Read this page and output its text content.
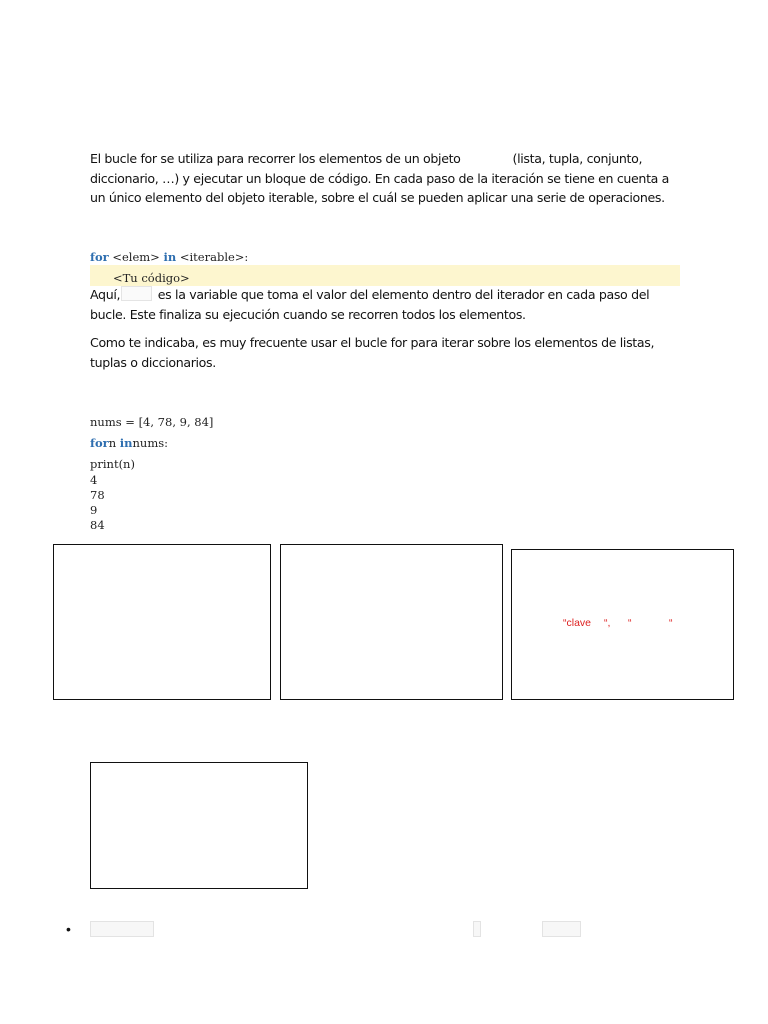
El bucle for se utiliza para recorrer los elementos de un objeto	(lista, tupla, conjunto, diccionario, …) y ejecutar un bloque de código. En cada paso de la iteración se tiene en cuenta a un único elemento del objeto iterable, sobre el cuál se pueden aplicar una serie de operaciones.
for <elem> in <iterable>:
<Tu código>
Aquí,	es la variable que toma el valor del elemento dentro del iterador en cada paso del bucle. Este finaliza su ejecución cuando se recorren todos los elementos.
Como te indicaba, es muy frecuente usar el bucle for para iterar sobre los elementos de listas, tuplas o diccionarios.
nums = [4, 78, 9, 84]
forn innums:
print(n)
4
78
9
84
“clave “, “	“
•
